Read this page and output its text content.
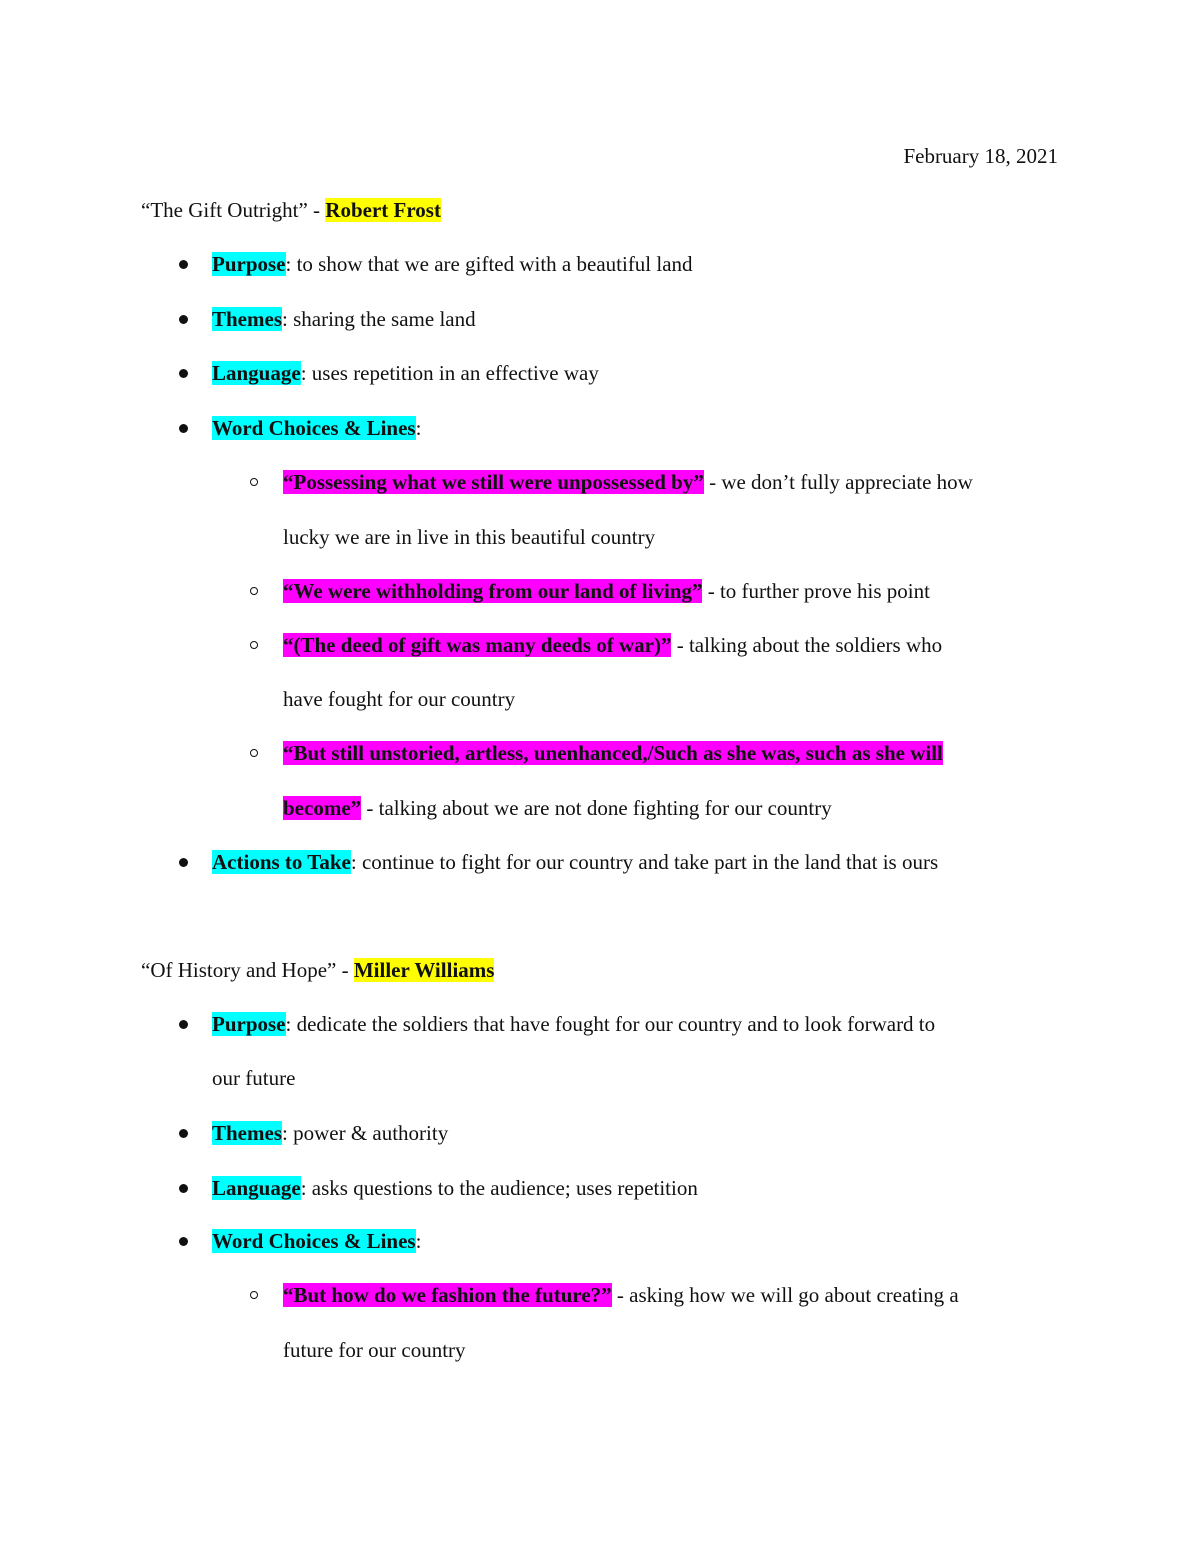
February 18, 2021
“The Gift Outright” - Robert Frost
Purpose: to show that we are gifted with a beautiful land
Themes: sharing the same land
Language: uses repetition in an effective way
Word Choices & Lines:
“Possessing what we still were unpossessed by” - we don’t fully appreciate how
lucky we are in live in this beautiful country
“We were withholding from our land of living” - to further prove his point
“(The deed of gift was many deeds of war)” - talking about the soldiers who
have fought for our country
“But still unstoried, artless, unenhanced,/Such as she was, such as she will
become” - talking about we are not done fighting for our country
Actions to Take: continue to fight for our country and take part in the land that is ours
“Of History and Hope” - Miller Williams
Purpose: dedicate the soldiers that have fought for our country and to look forward to
our future
Themes: power & authority
Language: asks questions to the audience; uses repetition
Word Choices & Lines:
“But how do we fashion the future?” - asking how we will go about creating a
future for our country
